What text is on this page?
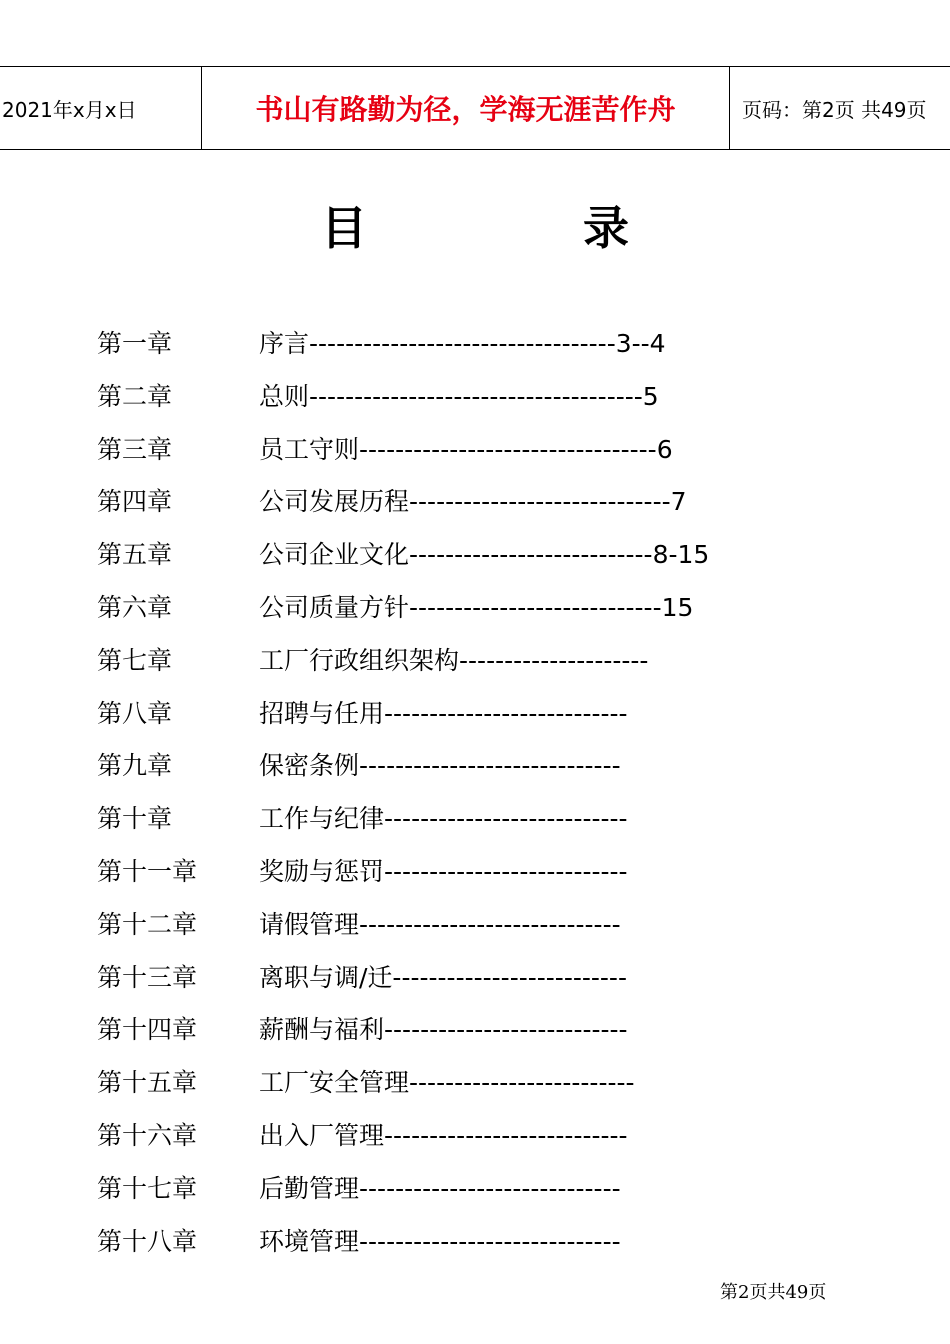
2021年x月x日	书山有路勤为径，学海无涯苦作舟	页码：第2页 共49页
目 录
第一章	序言----------------------------------3--4
第二章	总则-------------------------------------5
第三章	员工守则---------------------------------6
第四章	公司发展历程-----------------------------7
第五章	公司企业文化---------------------------8-15
第六章	公司质量方针----------------------------15
第七章	工厂行政组织架构---------------------
第八章	招聘与任用---------------------------
第九章	保密条例-----------------------------
第十章	工作与纪律---------------------------
第十一章 奖励与惩罚---------------------------
第十二章 请假管理-----------------------------
第十三章 离职与调/迁--------------------------
第十四章 薪酬与福利---------------------------
第十五章 工厂安全管理-------------------------
第十六章 出入厂管理---------------------------
第十七章 后勤管理-----------------------------
第十八章 环境管理-----------------------------
第2页共49页
